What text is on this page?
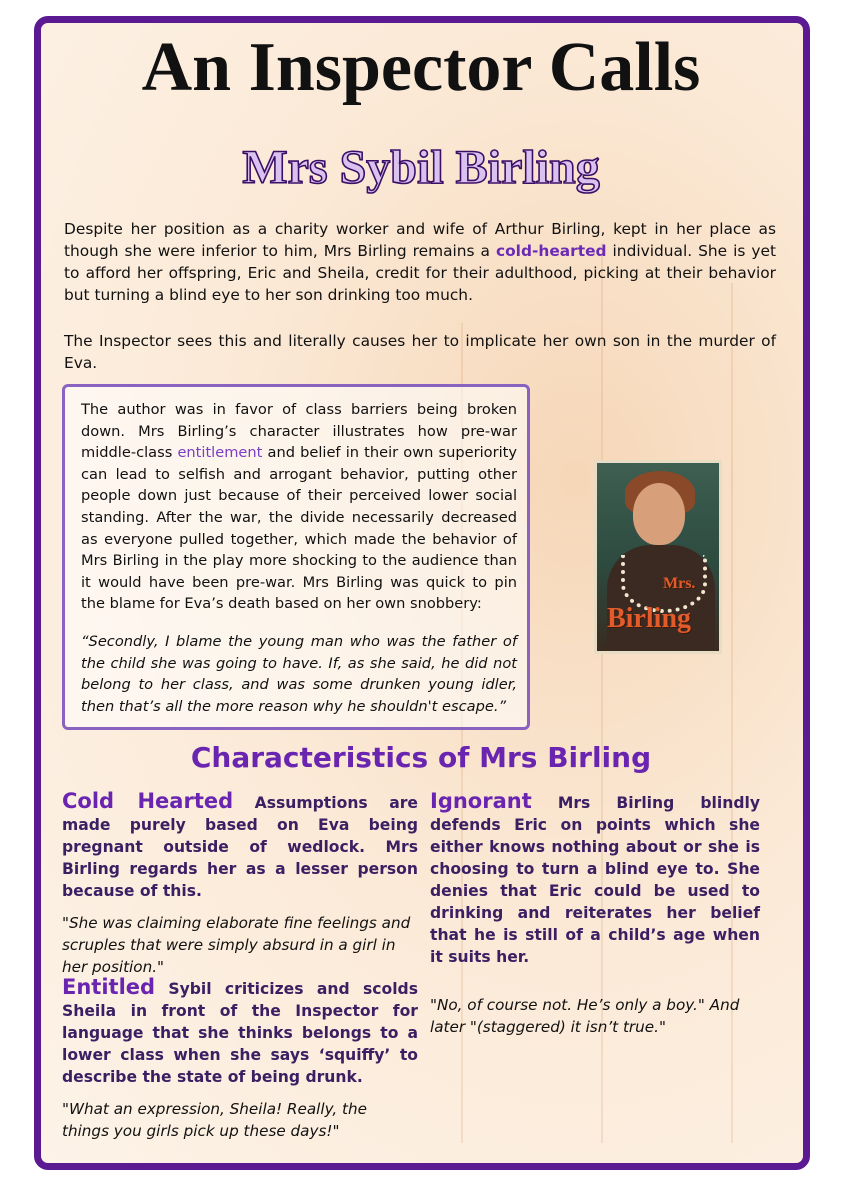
An Inspector Calls
Mrs Sybil Birling

Despite her position as a charity worker and wife of Arthur Birling, kept in her place as though she were inferior to him, Mrs Birling remains a cold-hearted individual. She is yet to afford her offspring, Eric and Sheila, credit for their adulthood, picking at their behavior but turning a blind eye to her son drinking too much.

The Inspector sees this and literally causes her to implicate her own son in the murder of Eva.

The author was in favor of class barriers being broken down. Mrs Birling’s character illustrates how pre-war middle-class entitlement and belief in their own superiority can lead to selfish and arrogant behavior, putting other people down just because of their perceived lower social standing. After the war, the divide necessarily decreased as everyone pulled together, which made the behavior of Mrs Birling in the play more shocking to the audience than it would have been pre-war. Mrs Birling was quick to pin the blame for Eva’s death based on her own snobbery:

“Secondly, I blame the young man who was the father of the child she was going to have. If, as she said, he did not belong to her class, and was some drunken young idler, then that’s all the more reason why he shouldn't escape.”

Mrs.
Birling
Characteristics of Mrs Birling

Cold Hearted Assumptions are made purely based on Eva being pregnant outside of wedlock. Mrs Birling regards her as a lesser person because of this.

"She was claiming elaborate fine feelings and scruples that were simply absurd in a girl in her position."

Entitled Sybil criticizes and scolds Sheila in front of the Inspector for language that she thinks belongs to a lower class when she says ‘squiffy’ to describe the state of being drunk.

"What an expression, Sheila! Really, the things you girls pick up these days!"

Ignorant Mrs Birling blindly defends Eric on points which she either knows nothing about or she is choosing to turn a blind eye to. She denies that Eric could be used to drinking and reiterates her belief that he is still of a child’s age when it suits her.

"No, of course not. He’s only a boy." And later "(staggered) it isn’t true."
